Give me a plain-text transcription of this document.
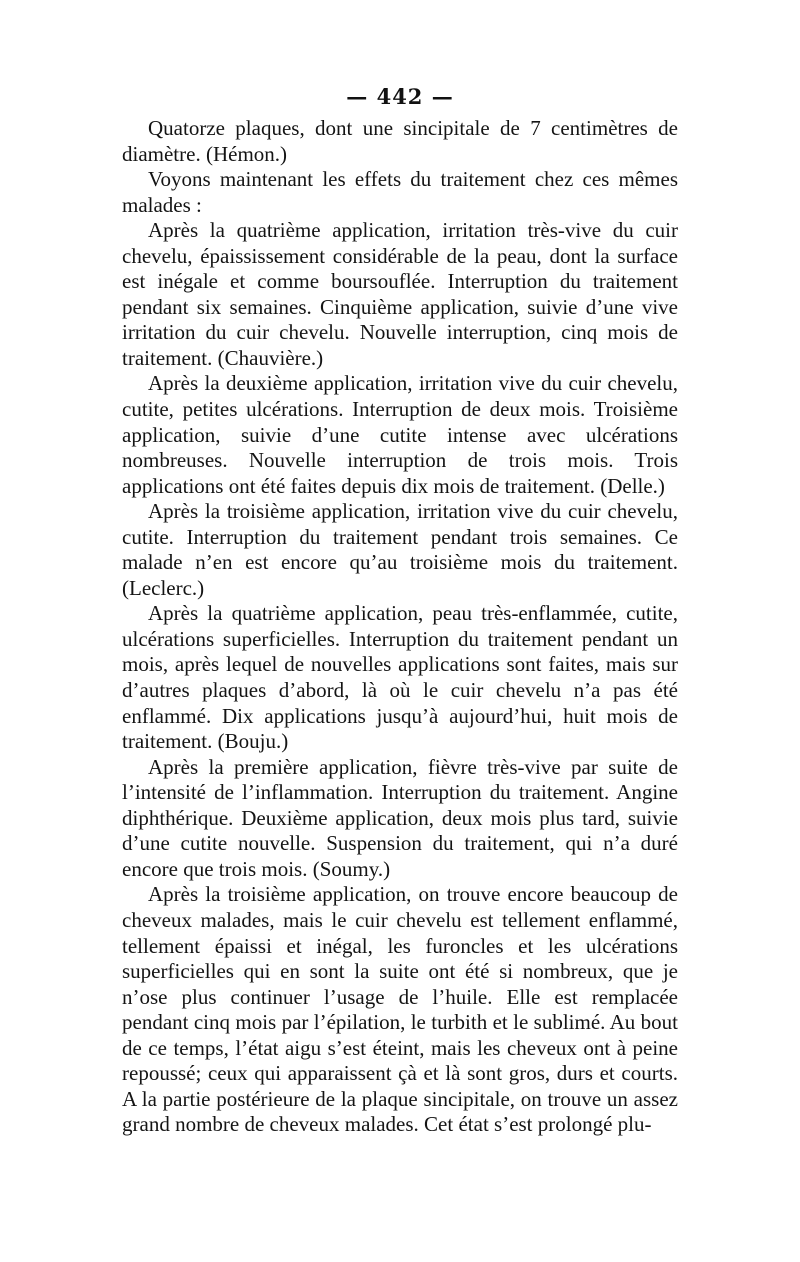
— 442 —

Quatorze plaques, dont une sincipitale de 7 centimètres de diamètre. (Hémon.)

Voyons maintenant les effets du traitement chez ces mêmes malades :

Après la quatrième application, irritation très-vive du cuir chevelu, épaississement considérable de la peau, dont la surface est inégale et comme boursouflée. Interruption du traitement pendant six semaines. Cinquième application, suivie d’une vive irritation du cuir chevelu. Nouvelle interruption, cinq mois de traitement. (Chauvière.)

Après la deuxième application, irritation vive du cuir chevelu, cutite, petites ulcérations. Interruption de deux mois. Troisième application, suivie d’une cutite intense avec ulcérations nombreuses. Nouvelle interruption de trois mois. Trois applications ont été faites depuis dix mois de traitement. (Delle.)

Après la troisième application, irritation vive du cuir chevelu, cutite. Interruption du traitement pendant trois semaines. Ce malade n’en est encore qu’au troisième mois du traitement. (Leclerc.)

Après la quatrième application, peau très-enflammée, cutite, ulcérations superficielles. Interruption du traitement pendant un mois, après lequel de nouvelles applications sont faites, mais sur d’autres plaques d’abord, là où le cuir chevelu n’a pas été enflammé. Dix applications jusqu’à aujourd’hui, huit mois de traitement. (Bouju.)

Après la première application, fièvre très-vive par suite de l’intensité de l’inflammation. Interruption du traitement. Angine diphthérique. Deuxième application, deux mois plus tard, suivie d’une cutite nouvelle. Suspension du traitement, qui n’a duré encore que trois mois. (Soumy.)

Après la troisième application, on trouve encore beaucoup de cheveux malades, mais le cuir chevelu est tellement enflammé, tellement épaissi et inégal, les furoncles et les ulcérations superficielles qui en sont la suite ont été si nombreux, que je n’ose plus continuer l’usage de l’huile. Elle est remplacée pendant cinq mois par l’épilation, le turbith et le sublimé. Au bout de ce temps, l’état aigu s’est éteint, mais les cheveux ont à peine repoussé; ceux qui apparaissent çà et là sont gros, durs et courts. A la partie postérieure de la plaque sincipitale, on trouve un assez grand nombre de cheveux malades. Cet état s’est prolongé plu-
